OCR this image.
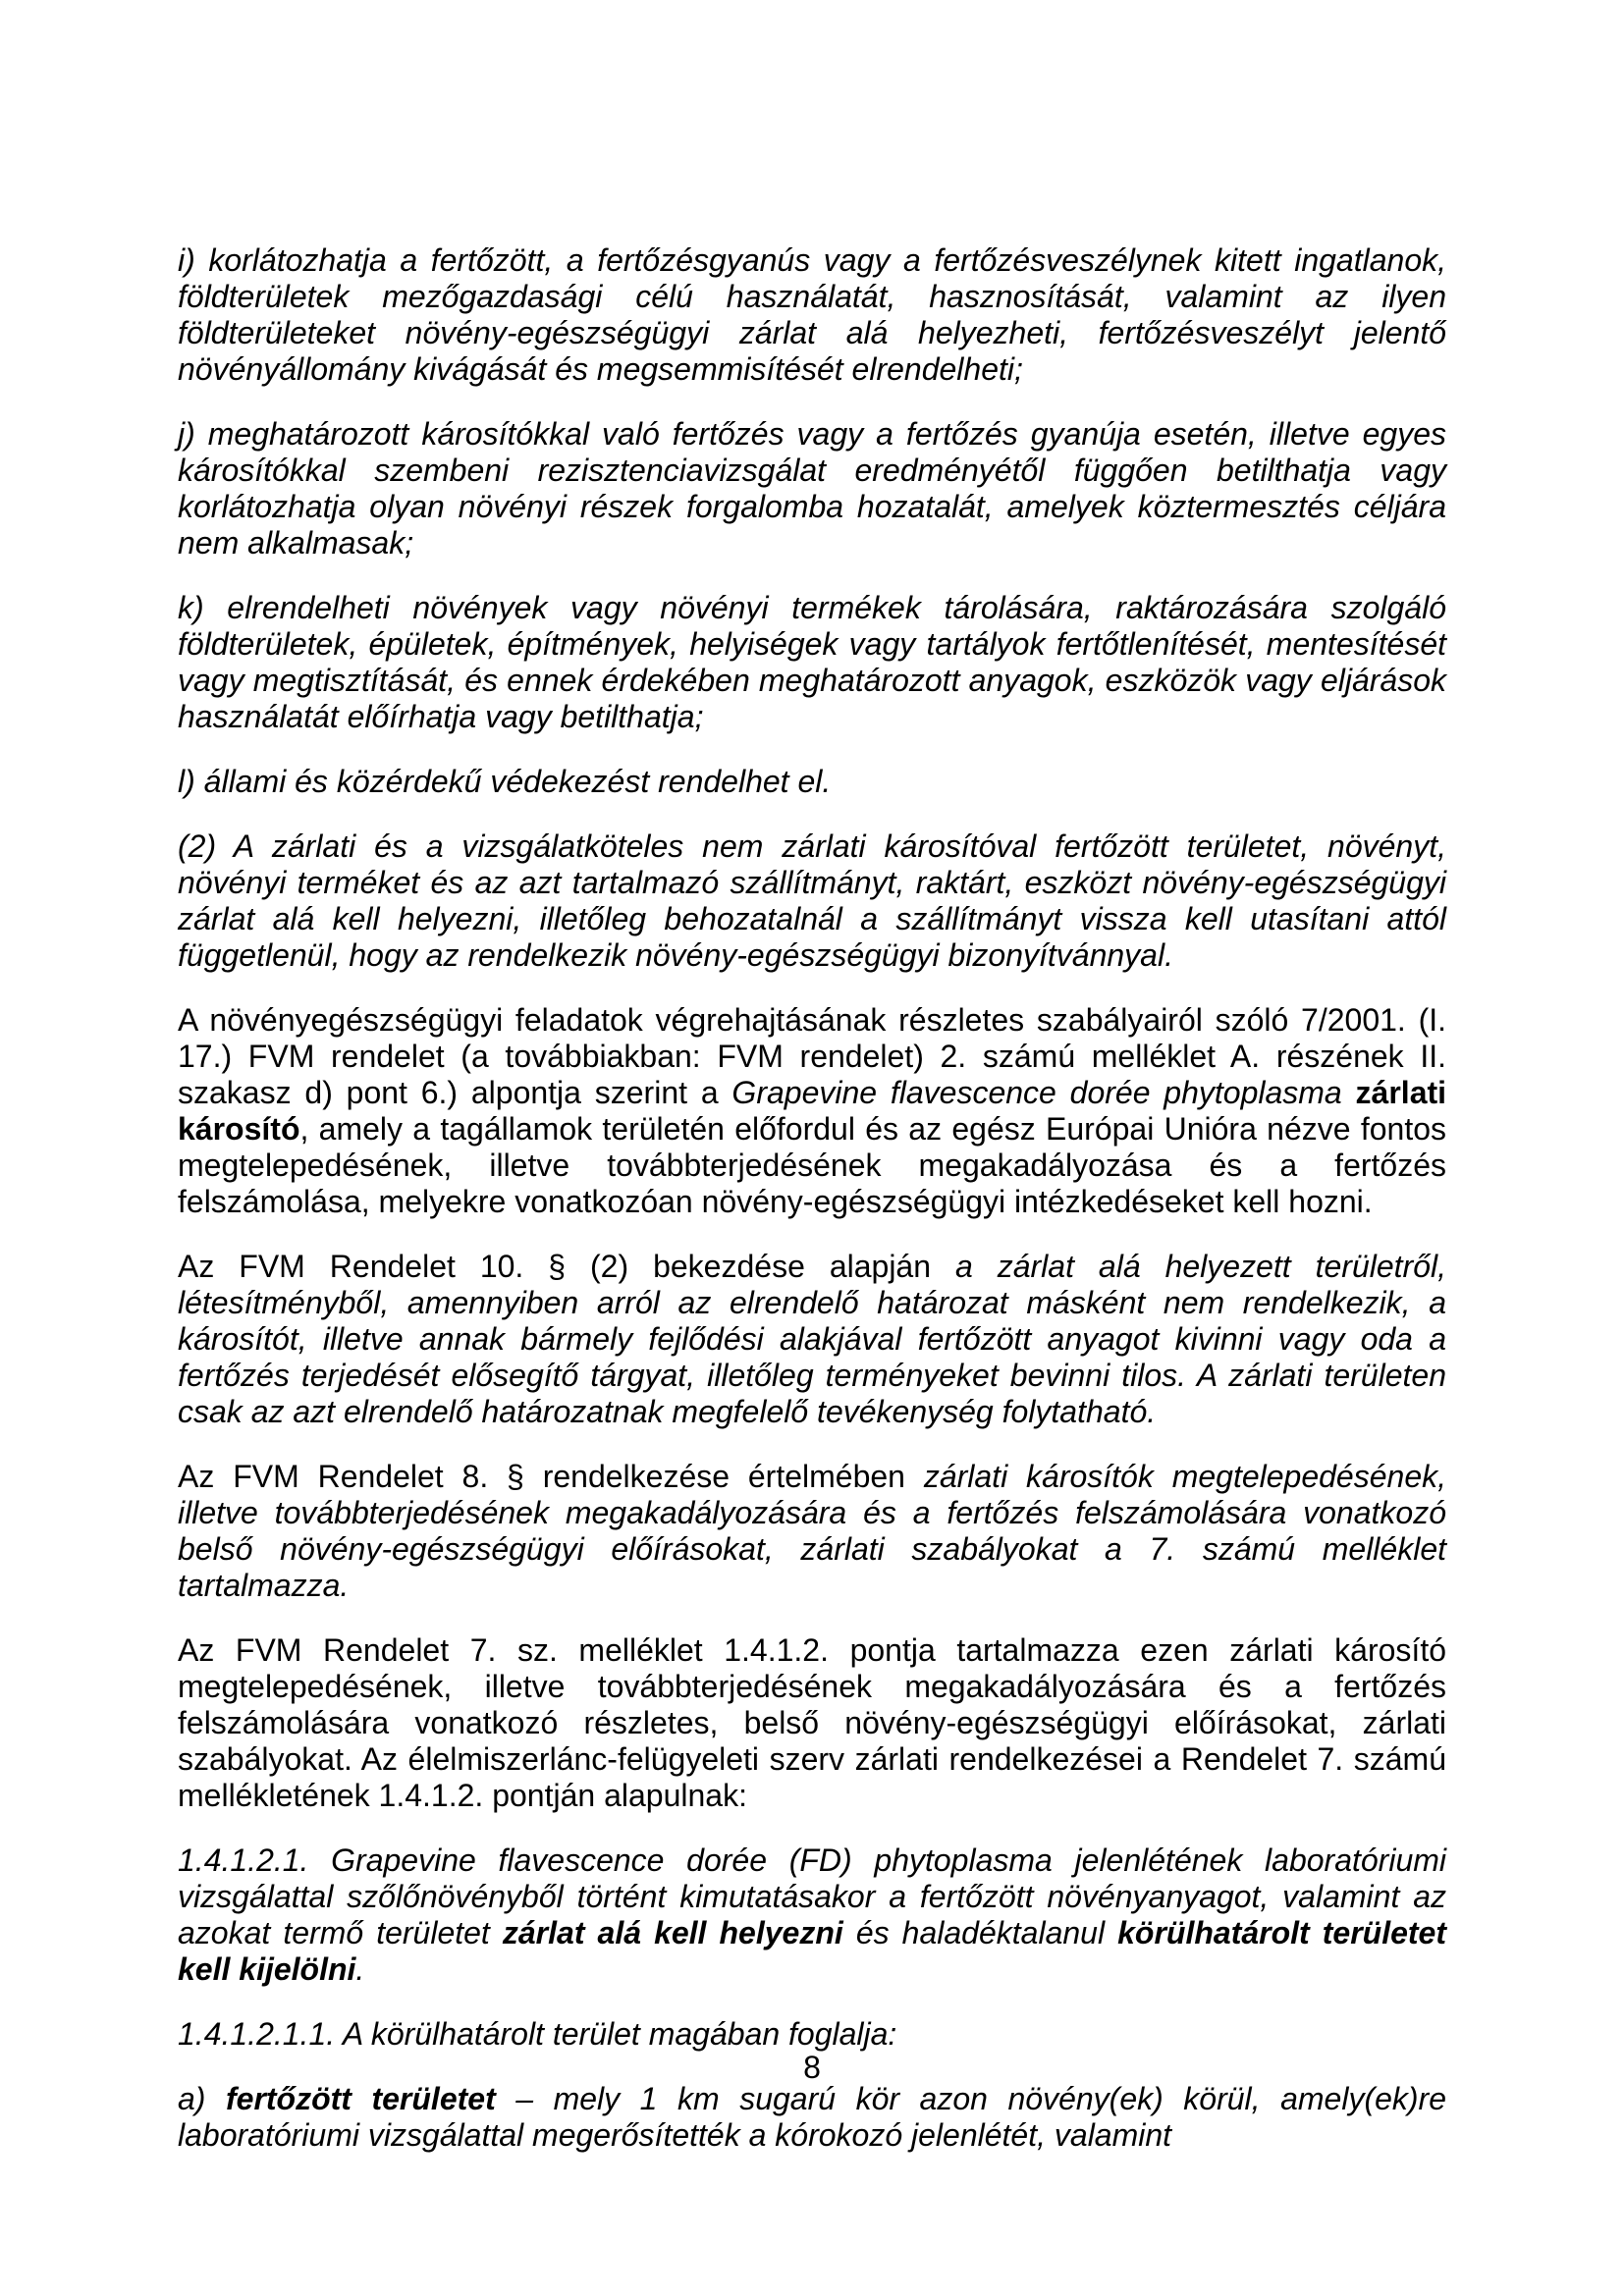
i) korlátozhatja a fertőzött, a fertőzésgyanús vagy a fertőzésveszélynek kitett ingatlanok, földterületek mezőgazdasági célú használatát, hasznosítását, valamint az ilyen földterületeket növény-egészségügyi zárlat alá helyezheti, fertőzésveszélyt jelentő növényállomány kivágását és megsemmisítését elrendelheti;

j) meghatározott károsítókkal való fertőzés vagy a fertőzés gyanúja esetén, illetve egyes károsítókkal szembeni rezisztenciavizsgálat eredményétől függően betilthatja vagy korlátozhatja olyan növényi részek forgalomba hozatalát, amelyek köztermesztés céljára nem alkalmasak;

k) elrendelheti növények vagy növényi termékek tárolására, raktározására szolgáló földterületek, épületek, építmények, helyiségek vagy tartályok fertőtlenítését, mentesítését vagy megtisztítását, és ennek érdekében meghatározott anyagok, eszközök vagy eljárások használatát előírhatja vagy betilthatja;

l) állami és közérdekű védekezést rendelhet el.

(2) A zárlati és a vizsgálatköteles nem zárlati károsítóval fertőzött területet, növényt, növényi terméket és az azt tartalmazó szállítmányt, raktárt, eszközt növény-egészségügyi zárlat alá kell helyezni, illetőleg behozatalnál a szállítmányt vissza kell utasítani attól függetlenül, hogy az rendelkezik növény-egészségügyi bizonyítvánnyal.

A növényegészségügyi feladatok végrehajtásának részletes szabályairól szóló 7/2001. (I. 17.) FVM rendelet (a továbbiakban: FVM rendelet) 2. számú melléklet A. részének II. szakasz d) pont 6.) alpontja szerint a Grapevine flavescence dorée phytoplasma zárlati károsító, amely a tagállamok területén előfordul és az egész Európai Unióra nézve fontos megtelepedésének, illetve továbbterjedésének megakadályozása és a fertőzés felszámolása, melyekre vonatkozóan növény-egészségügyi intézkedéseket kell hozni.

Az FVM Rendelet 10. § (2) bekezdése alapján a zárlat alá helyezett területről, létesítményből, amennyiben arról az elrendelő határozat másként nem rendelkezik, a károsítót, illetve annak bármely fejlődési alakjával fertőzött anyagot kivinni vagy oda a fertőzés terjedését elősegítő tárgyat, illetőleg terményeket bevinni tilos. A zárlati területen csak az azt elrendelő határozatnak megfelelő tevékenység folytatható.

Az FVM Rendelet 8. § rendelkezése értelmében zárlati károsítók megtelepedésének, illetve továbbterjedésének megakadályozására és a fertőzés felszámolására vonatkozó belső növény-egészségügyi előírásokat, zárlati szabályokat a 7. számú melléklet tartalmazza.

Az FVM Rendelet 7. sz. melléklet 1.4.1.2. pontja tartalmazza ezen zárlati károsító megtelepedésének, illetve továbbterjedésének megakadályozására és a fertőzés felszámolására vonatkozó részletes, belső növény-egészségügyi előírásokat, zárlati szabályokat. Az élelmiszerlánc-felügyeleti szerv zárlati rendelkezései a Rendelet 7. számú mellékletének 1.4.1.2. pontján alapulnak:

1.4.1.2.1. Grapevine flavescence dorée (FD) phytoplasma jelenlétének laboratóriumi vizsgálattal szőlőnövényből történt kimutatásakor a fertőzött növényanyagot, valamint az azokat termő területet zárlat alá kell helyezni és haladéktalanul körülhatárolt területet kell kijelölni.

1.4.1.2.1.1. A körülhatárolt terület magában foglalja:

a) fertőzött területet – mely 1 km sugarú kör azon növény(ek) körül, amely(ek)re laboratóriumi vizsgálattal megerősítették a kórokozó jelenlétét, valamint

8
